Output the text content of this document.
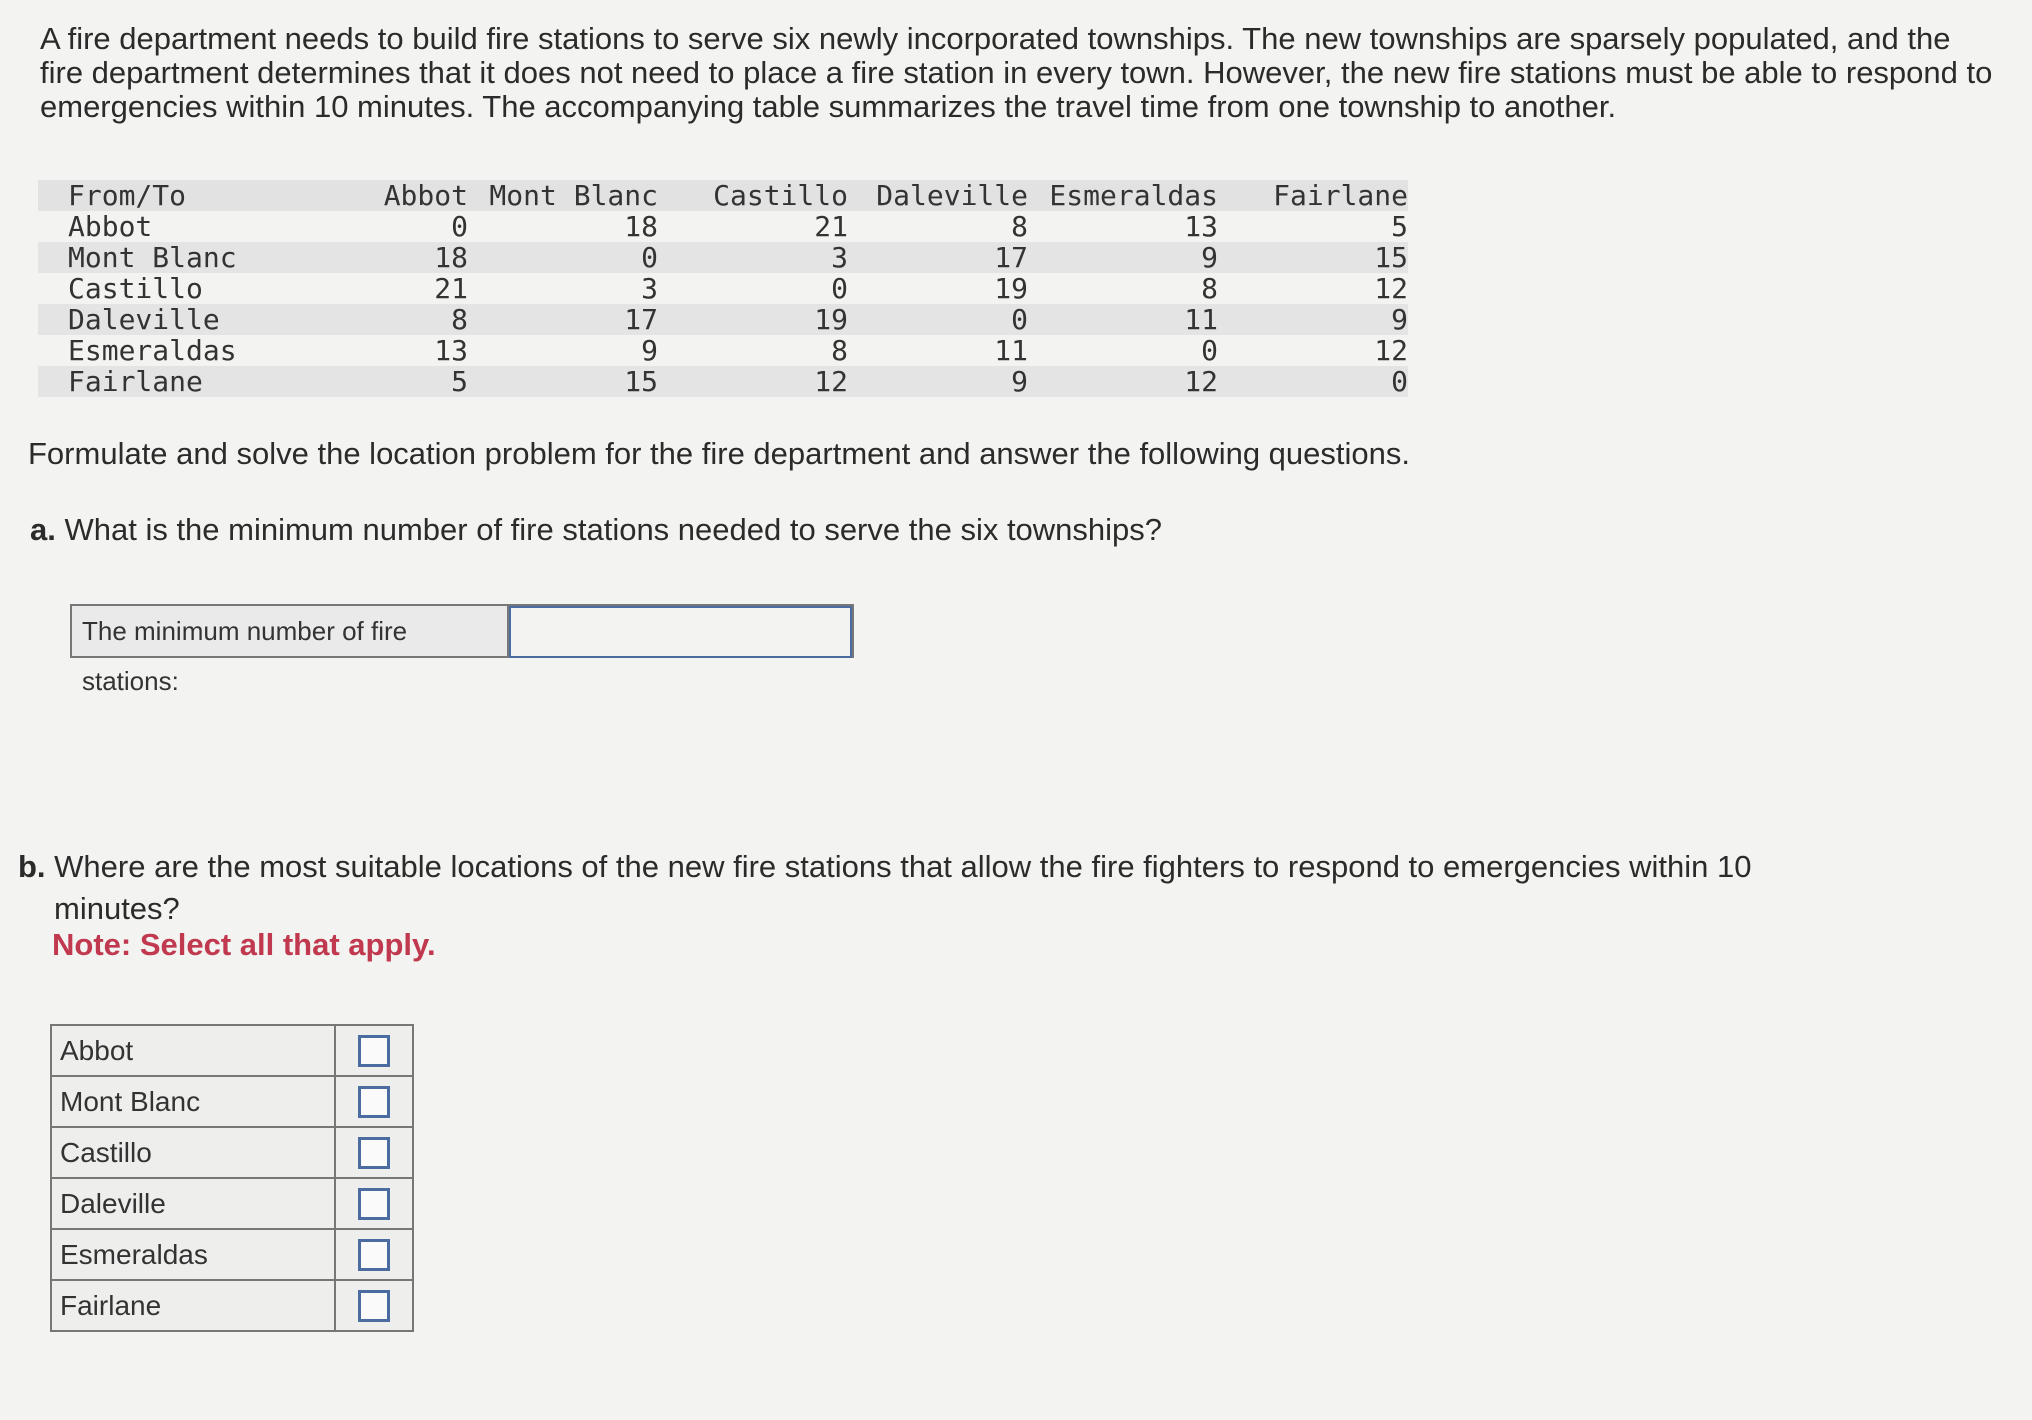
A fire department needs to build fire stations to serve six newly incorporated townships. The new townships are sparsely populated, and the fire department determines that it does not need to place a fire station in every town. However, the new fire stations must be able to respond to emergencies within 10 minutes. The accompanying table summarizes the travel time from one township to another.

From/To	Abbot	Mont Blanc	Castillo	Daleville	Esmeraldas	Fairlane
Abbot	0	18	21	8	13	5
Mont Blanc	18	0	3	17	9	15
Castillo	21	3	0	19	8	12
Daleville	8	17	19	0	11	9
Esmeraldas	13	9	8	11	0	12
Fairlane	5	15	12	9	12	0

Formulate and solve the location problem for the fire department and answer the following questions.

a. What is the minimum number of fire stations needed to serve the six townships?

The minimum number of fire stations:
b. Where are the most suitable locations of the new fire stations that allow the fire fighters to respond to emergencies within 10
minutes?

Note: Select all that apply.

Abbot
Mont Blanc
Castillo
Daleville
Esmeraldas
Fairlane
